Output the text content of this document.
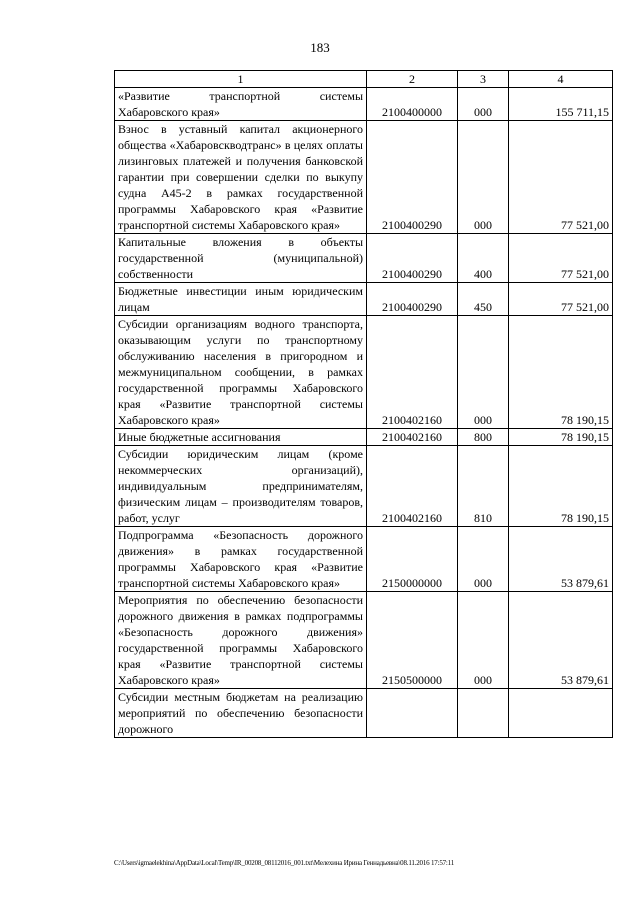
183
1	2	3	4
«Развитие транспортной системы Хабаровского края»	2100400000	000	155 711,15
Взнос в уставный капитал акционерного общества «Хабаровскводтранс» в целях оплаты лизинговых платежей и получения банковской гарантии при совершении сделки по выкупу судна А45-2 в рамках государственной программы Хабаровского края «Развитие транспортной системы Хабаровского края»	2100400290	000	77 521,00
Капитальные вложения в объекты государственной (муниципальной) собственности	2100400290	400	77 521,00
Бюджетные инвестиции иным юридическим лицам	2100400290	450	77 521,00
Субсидии организациям водного транспорта, оказывающим услуги по транспортному обслуживанию населения в пригородном и межмуниципальном сообщении, в рамках государственной программы Хабаровского края «Развитие транспортной системы Хабаровского края»	2100402160	000	78 190,15
Иные бюджетные ассигнования	2100402160	800	78 190,15
Субсидии юридическим лицам (кроме некоммерческих организаций), индивидуальным предпринимателям, физическим лицам – производителям товаров, работ, услуг	2100402160	810	78 190,15
Подпрограмма «Безопасность дорожного движения» в рамках государственной программы Хабаровского края «Развитие транспортной системы Хабаровского края»	2150000000	000	53 879,61
Мероприятия по обеспечению безопасности дорожного движения в рамках подпрограммы «Безопасность дорожного движения» государственной программы Хабаровского края «Развитие транспортной системы Хабаровского края»	2150500000	000	53 879,61
Субсидии местным бюджетам на реализацию мероприятий по обеспечению безопасности дорожного			
C:\Users\igmaelekhina\AppData\Local\Temp\IR_00208_08112016_001.txt\Мелехина Ирина Геннадьевна\08.11.2016 17:57:11
